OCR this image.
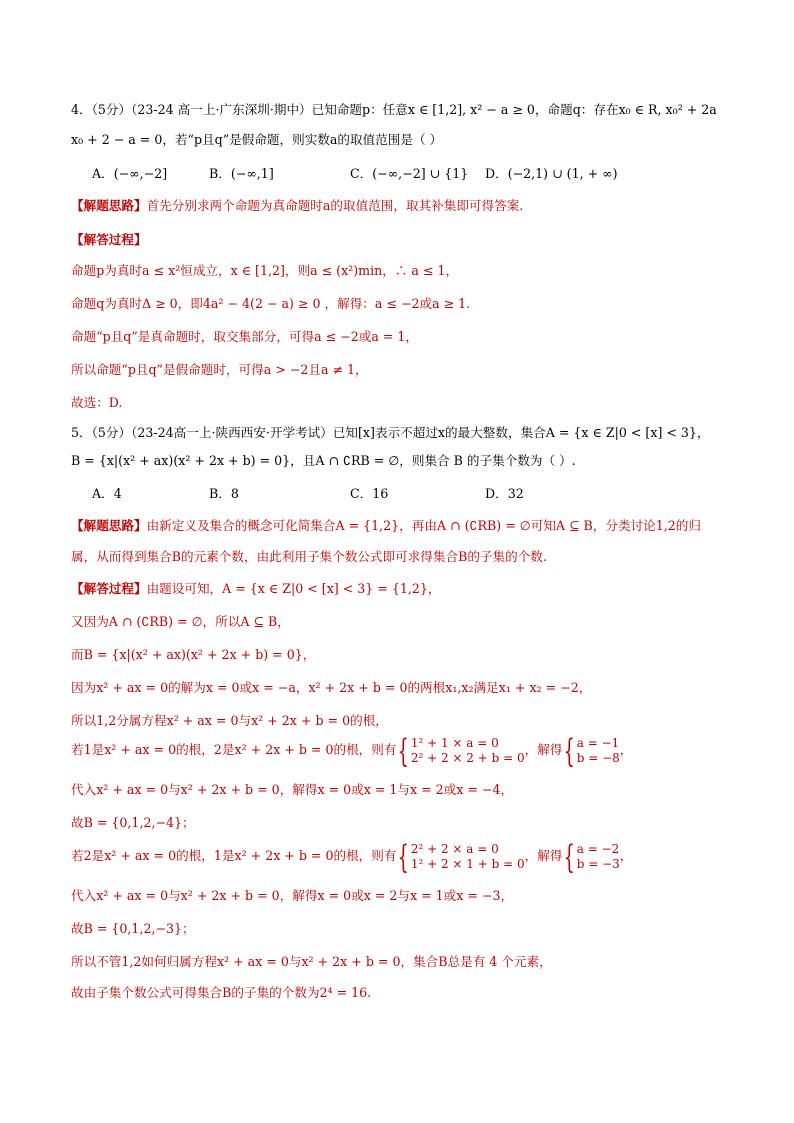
4．（5分）（23-24 高一上·广东深圳·期中）已知命题p：任意x ∈ [1,2], x² − a ≥ 0，命题q：存在x₀ ∈ R, x₀² + 2a
x₀ + 2 − a = 0，若“p且q”是假命题，则实数a的取值范围是（ ）
A．(−∞,−2]	B．(−∞,1]	C．(−∞,−2] ∪ {1} D．(−2,1) ∪ (1, + ∞)
【解题思路】首先分别求两个命题为真命题时a的取值范围，取其补集即可得答案.
【解答过程】
命题p为真时a ≤ x²恒成立，x ∈ [1,2]，则a ≤ (x²)min，∴ a ≤ 1，
命题q为真时Δ ≥ 0，即4a² − 4(2 − a) ≥ 0 ，解得：a ≤ −2或a ≥ 1.
命题“p且q”是真命题时，取交集部分，可得a ≤ −2或a = 1，
所以命题“p且q”是假命题时，可得a > −2且a ≠ 1，
故选：D.
5．（5分）（23-24高一上·陕西西安·开学考试）已知[x]表示不超过x的最大整数，集合A = {x ∈ Z|0 < [x] < 3}，
B = {x|(x² + ax)(x² + 2x + b) = 0}，且A ∩ ∁RB = ∅，则集合 B 的子集个数为（ ）.
A．4	B．8	C．16	D．32
【解题思路】由新定义及集合的概念可化简集合A = {1,2}，再由A ∩ (∁RB) = ∅可知A ⊆ B，分类讨论1,2的归
属，从而得到集合B的元素个数，由此利用子集个数公式即可求得集合B的子集的个数.
【解答过程】由题设可知，A = {x ∈ Z|0 < [x] < 3} = {1,2}，
又因为A ∩ (∁RB) = ∅，所以A ⊆ B，
而B = {x|(x² + ax)(x² + 2x + b) = 0}，
因为x² + ax = 0的解为x = 0或x = −a，x² + 2x + b = 0的两根x₁,x₂满足x₁ + x₂ = −2，
所以1,2分属方程x² + ax = 0与x² + 2x + b = 0的根，
若1是x² + ax = 0的根，2是x² + 2x + b = 0的根，则有{ 1² + 1 × a = 0
2² + 2 × 2 + b = 0
，解得{ a = −1
b = −8
，
代入x² + ax = 0与x² + 2x + b = 0，解得x = 0或x = 1与x = 2或x = −4，
故B = {0,1,2,−4}；
若2是x² + ax = 0的根，1是x² + 2x + b = 0的根，则有{ 2² + 2 × a = 0
1² + 2 × 1 + b = 0
，解得{ a = −2
b = −3
，
代入x² + ax = 0与x² + 2x + b = 0，解得x = 0或x = 2与x = 1或x = −3，
故B = {0,1,2,−3}；
所以不管1,2如何归属方程x² + ax = 0与x² + 2x + b = 0，集合B总是有 4 个元素，
故由子集个数公式可得集合B的子集的个数为2⁴ = 16.
